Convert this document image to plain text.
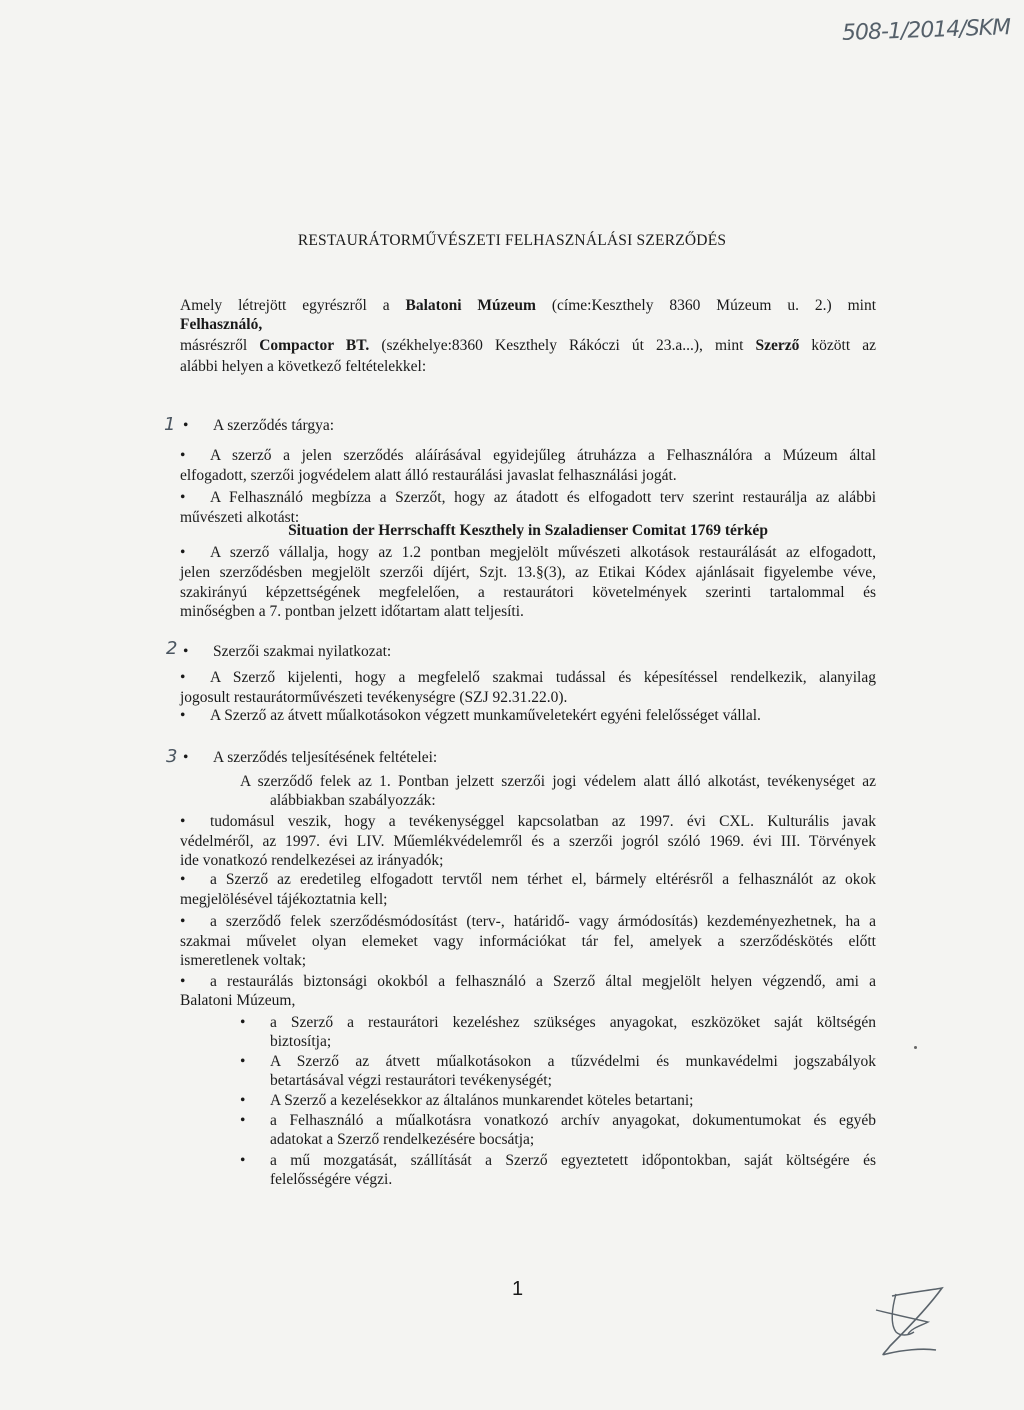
508-1/2014/SKM
RESTAURÁTORMŰVÉSZETI FELHASZNÁLÁSI SZERZŐDÉS
Amely létrejött egyrészről a Balatoni Múzeum (címe:Keszthely 8360 Múzeum u. 2.) mint
Felhasználó,
másrészről Compactor BT. (székhelye:8360 Keszthely Rákóczi út 23.a...), mint Szerző között az
alábbi helyen a következő feltételekkel:
1 • A szerződés tárgya:
• A szerző a jelen szerződés aláírásával egyidejűleg átruházza a Felhasználóra a Múzeum által
elfogadott, szerzői jogvédelem alatt álló restaurálási javaslat felhasználási jogát.
• A Felhasználó megbízza a Szerzőt, hogy az átadott és elfogadott terv szerint restaurálja az alábbi
művészeti alkotást:
Situation der Herrschafft Keszthely in Szaladienser Comitat 1769 térkép
• A szerző vállalja, hogy az 1.2 pontban megjelölt művészeti alkotások restaurálását az elfogadott,
jelen szerződésben megjelölt szerzői díjért, Szjt. 13.§(3), az Etikai Kódex ajánlásait figyelembe véve,
szakirányú képzettségének megfelelően, a restaurátori követelmények szerinti tartalommal és
minőségben a 7. pontban jelzett időtartam alatt teljesíti.
2 • Szerzői szakmai nyilatkozat:
• A Szerző kijelenti, hogy a megfelelő szakmai tudással és képesítéssel rendelkezik, alanyilag
jogosult restaurátorművészeti tevékenységre (SZJ 92.31.22.0).
• A Szerző az átvett műalkotásokon végzett munkaműveletekért egyéni felelősséget vállal.
3 • A szerződés teljesítésének feltételei:
A szerződő felek az 1. Pontban jelzett szerzői jogi védelem alatt álló alkotást, tevékenységet az
alábbiakban szabályozzák:
• tudomásul veszik, hogy a tevékenységgel kapcsolatban az 1997. évi CXL. Kulturális javak
védelméről, az 1997. évi LIV. Műemlékvédelemről és a szerzői jogról szóló 1969. évi III. Törvények
ide vonatkozó rendelkezései az irányadók;
• a Szerző az eredetileg elfogadott tervtől nem térhet el, bármely eltérésről a felhasználót az okok
megjelölésével tájékoztatnia kell;
• a szerződő felek szerződésmódosítást (terv-, határidő- vagy ármódosítás) kezdeményezhetnek, ha a
szakmai művelet olyan elemeket vagy információkat tár fel, amelyek a szerződéskötés előtt
ismeretlenek voltak;
• a restaurálás biztonsági okokból a felhasználó a Szerző által megjelölt helyen végzendő, ami a
Balatoni Múzeum,
• a Szerző a restaurátori kezeléshez szükséges anyagokat, eszközöket saját költségén
biztosítja;
• A Szerző az átvett műalkotásokon a tűzvédelmi és munkavédelmi jogszabályok
betartásával végzi restaurátori tevékenységét;
• A Szerző a kezelésekkor az általános munkarendet köteles betartani;
• a Felhasználó a műalkotásra vonatkozó archív anyagokat, dokumentumokat és egyéb
adatokat a Szerző rendelkezésére bocsátja;
• a mű mozgatását, szállítását a Szerző egyeztetett időpontokban, saját költségére és
felelősségére végzi.
1
